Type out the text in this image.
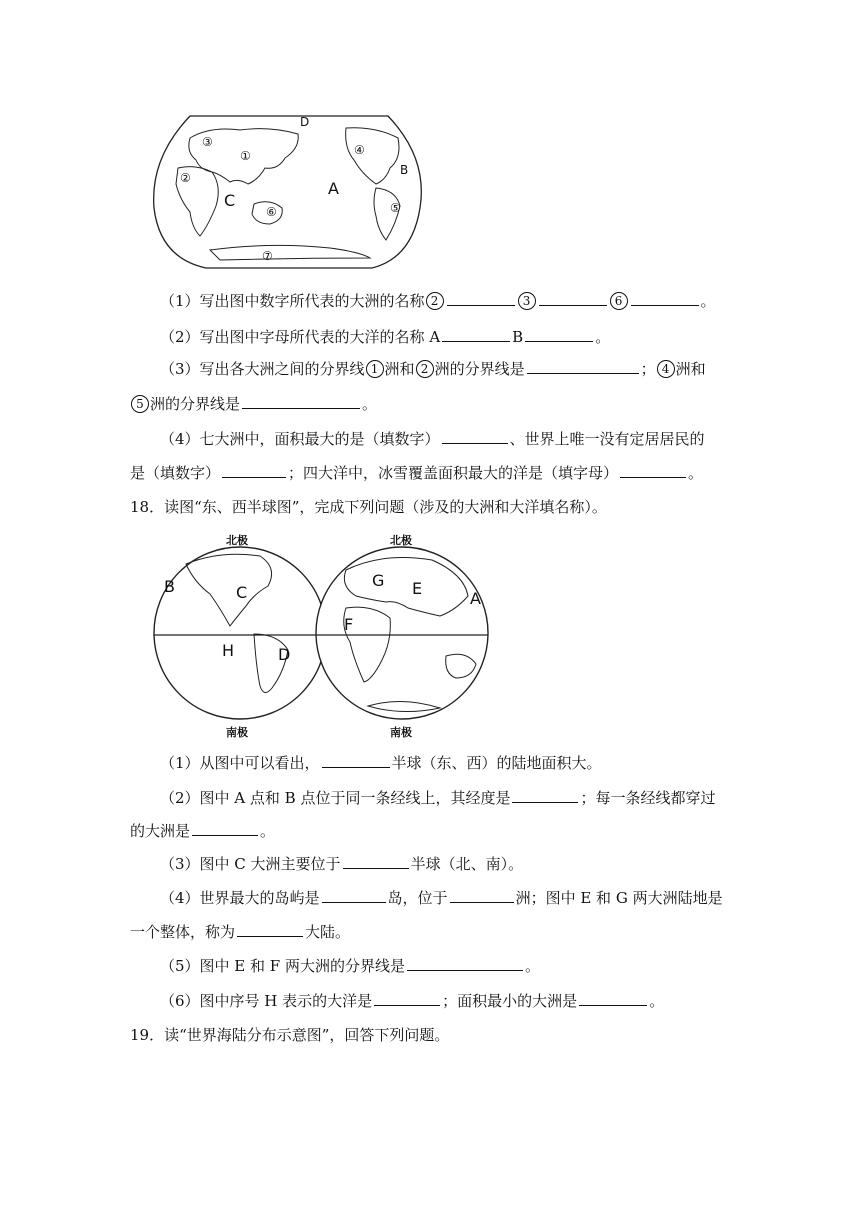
D
A
B
C
③
①
②
④
⑤
⑥
⑦
（1）写出图中数字所代表的大洲的名称 2	3	6	。
（2）写出图中字母所代表的大洋的名称 A	B	。
（3）写出各大洲之间的分界线 1 洲和 2 洲的分界线是	； 4 洲和
5 洲的分界线是	。
（4）七大洲中，面积最大的是（填数字）	、世界上唯一没有定居居民的
是（填数字）	；四大洋中，冰雪覆盖面积最大的洋是（填字母）	。
18．读图“东、西半球图”，完成下列问题（涉及的大洲和大洋填名称）。
北极
南极
北极
南极
B	C
D
H
G E
F
A
（1）从图中可以看出，	半球（东、西）的陆地面积大。
（2）图中 A 点和 B 点位于同一条经线上，其经度是	；每一条经线都穿过
的大洲是	。
（3）图中 C 大洲主要位于	半球（北、南）。
（4）世界最大的岛屿是	岛，位于	洲；图中 E 和 G 两大洲陆地是
一个整体，称为	大陆。
（5）图中 E 和 F 两大洲的分界线是	。
（6）图中序号 H 表示的大洋是	；面积最小的大洲是	。
19．读“世界海陆分布示意图”，回答下列问题。
